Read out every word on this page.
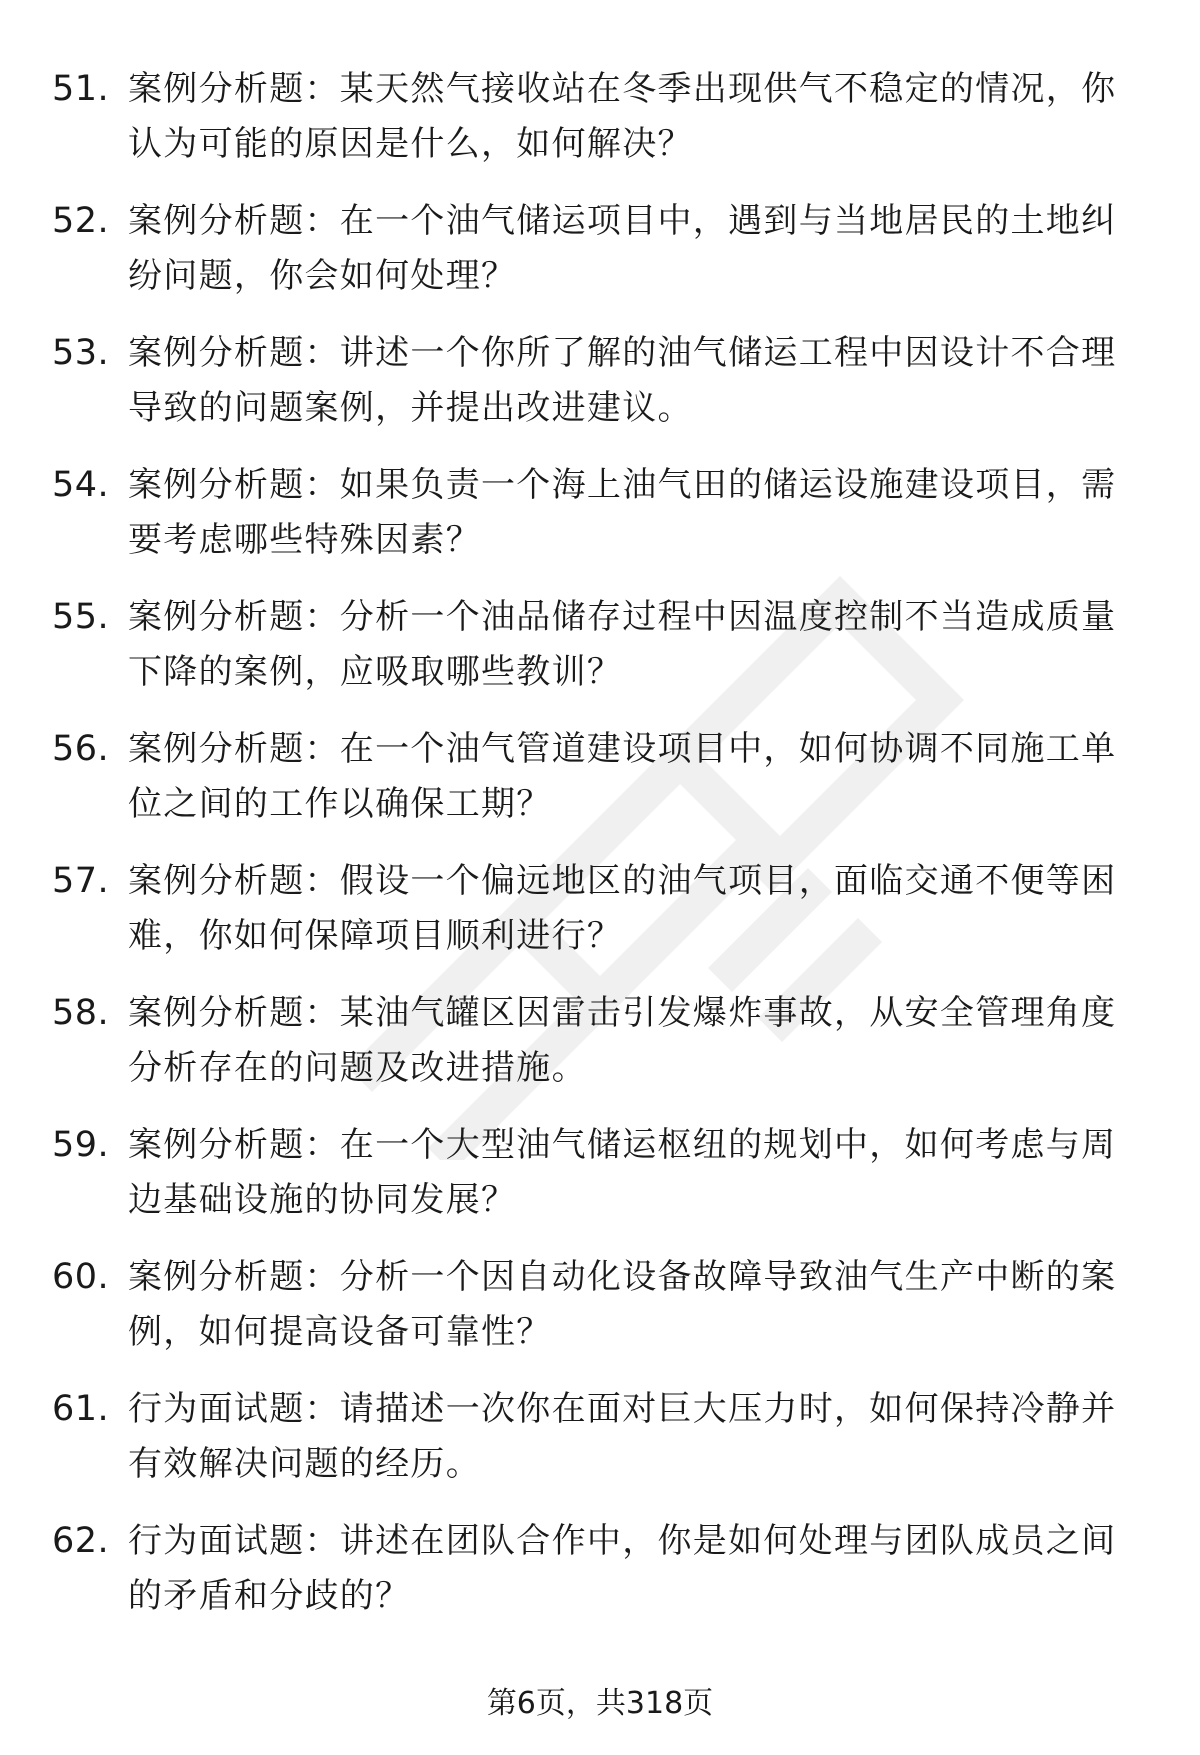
51. 案例分析题：某天然气接收站在冬季出现供气不稳定的情况，你认为可能的原因是什么，如何解决？
52. 案例分析题：在一个油气储运项目中，遇到与当地居民的土地纠纷问题，你会如何处理？
53. 案例分析题：讲述一个你所了解的油气储运工程中因设计不合理导致的问题案例，并提出改进建议。
54. 案例分析题：如果负责一个海上油气田的储运设施建设项目，需要考虑哪些特殊因素？
55. 案例分析题：分析一个油品储存过程中因温度控制不当造成质量下降的案例，应吸取哪些教训？
56. 案例分析题：在一个油气管道建设项目中，如何协调不同施工单位之间的工作以确保工期？
57. 案例分析题：假设一个偏远地区的油气项目，面临交通不便等困难，你如何保障项目顺利进行？
58. 案例分析题：某油气罐区因雷击引发爆炸事故，从安全管理角度分析存在的问题及改进措施。
59. 案例分析题：在一个大型油气储运枢纽的规划中，如何考虑与周边基础设施的协同发展？
60. 案例分析题：分析一个因自动化设备故障导致油气生产中断的案例，如何提高设备可靠性？
61. 行为面试题：请描述一次你在面对巨大压力时，如何保持冷静并有效解决问题的经历。
62. 行为面试题：讲述在团队合作中，你是如何处理与团队成员之间的矛盾和分歧的？
第6页，共318页
